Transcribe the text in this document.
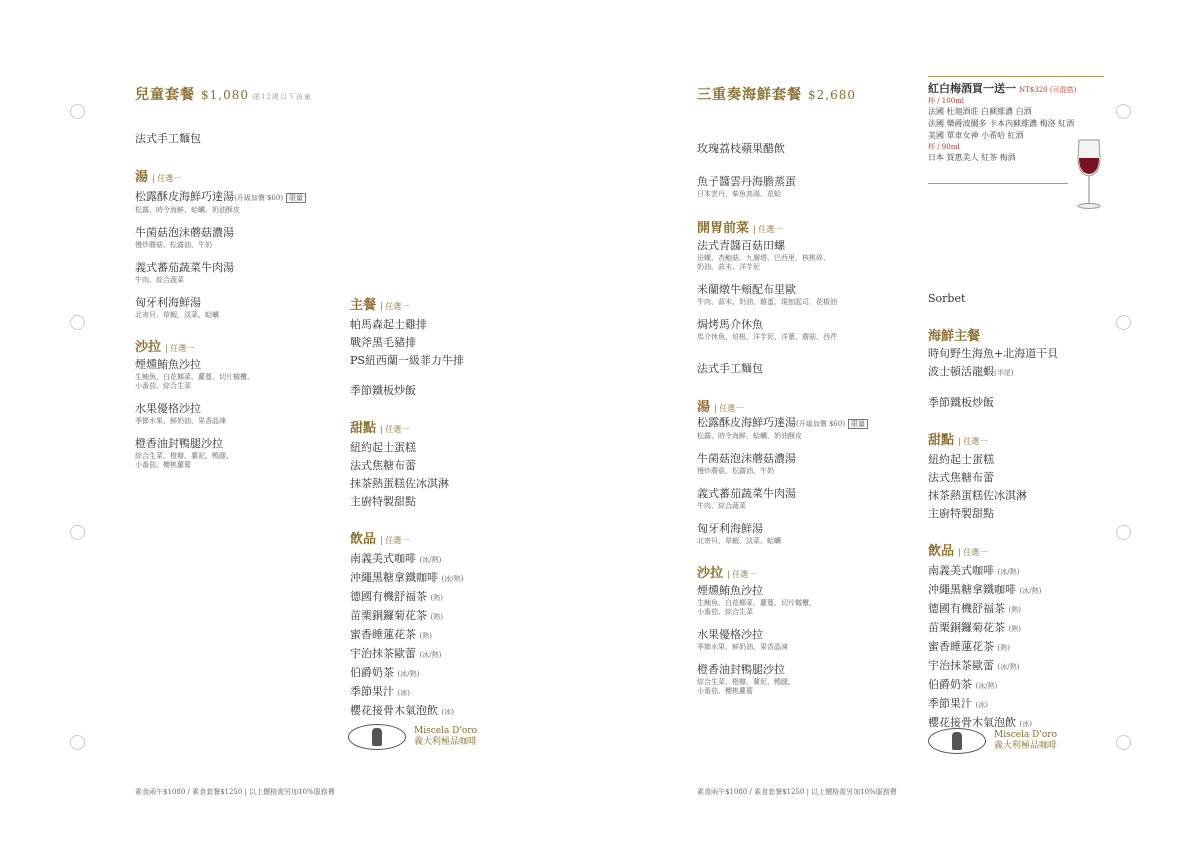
兒童套餐 $1,080 限12歲以下孩童
法式手工麵包
湯 | 任選一
松露酥皮海鮮巧達湯(升級加價 $60) 限量
松露、時令海鮮、蛤蠣、奶油酥皮
牛菌菇泡沫蘑菇濃湯
慢炒蘑菇、松露油、牛奶
義式蕃茄蔬菜牛肉湯
牛肉、綜合蔬菜
匈牙利海鮮湯
北寄貝、草蝦、淡菜、蛤蠣
沙拉 | 任選一
煙燻鮪魚沙拉
生鮪魚、白花椰菜、蘿蔓、切片橄欖、
小番茄、綜合生菜
水果優格沙拉
季節水果、鮮奶油、果香晶凍
橙香油封鴨腿沙拉
綜合生菜、橙瓣、薯泥、鴨腿、
小番茄、櫻桃蘿蔔
主餐 | 任選一
帕馬森起士雞排
戰斧黑毛豬排
PS紐西蘭一級菲力牛排
季節鐵板炒飯
甜點 | 任選一
紐約起士蛋糕
法式焦糖布蕾
抹茶熱蛋糕佐冰淇淋
主廚特製甜點
飲品 | 任選一
南義美式咖啡 (冰/熱)
沖繩黑糖拿鐵咖啡 (冰/熱)
德國有機舒福茶 (熱)
苗栗銅鑼菊花茶 (熱)
蜜香睡蓮花茶 (熱)
宇治抹茶歐蕾 (冰/熱)
伯爵奶茶 (冰/熱)
季節果汁 (冰)
櫻花接骨木氣泡飲 (冰)
Miscela D'oro
義大利極品咖啡
素食兩午$1080 / 素食套餐$1250 | 以上價格需另加10%服務費
三重奏海鮮套餐 $2,680
玫瑰荔枝蘋果醋飲
魚子醬雲丹海膽蒸蛋
日本雲丹、柴魚高湯、花蛤
開胃前菜 | 任選一
法式青醬百菇田螺
田螺、杏鮑菇、九層塔、巴西里、核桃碎、
奶油、蒜末、洋芋泥
米蘭燉牛頰配布里歐
牛肉、蒜末、奶油、雞蛋、現刨起司、花椒油
焗烤馬介休魚
馬介休魚、培根、洋芋泥、洋蔥、蘑菇、西芹
法式手工麵包
湯 | 任選一
松露酥皮海鮮巧達湯(升級加價 $60) 限量
松露、時令海鮮、蛤蠣、奶油酥皮
牛菌菇泡沫蘑菇濃湯
慢炒蘑菇、松露油、牛奶
義式蕃茄蔬菜牛肉湯
牛肉、綜合蔬菜
匈牙利海鮮湯
北寄貝、草蝦、淡菜、蛤蠣
沙拉 | 任選一
煙燻鮪魚沙拉
生鮪魚、白花椰菜、蘿蔓、切片橄欖、
小番茄、綜合生菜
水果優格沙拉
季節水果、鮮奶油、果香晶凍
橙香油封鴨腿沙拉
綜合生菜、橙瓣、薯泥、鴨腿、
小番茄、櫻桃蘿蔔
紅白梅酒買一送一 NT$320 (可混搭)
杯 / 100ml
法國 杜迦酒莊 白蘇維濃 白酒
法國 樂爵波爾多 卡本內蘇維濃 梅洛 紅酒
美國 單車女神 小希哈 紅酒
杯 / 90ml
日本 賀惠美人 紅茶 梅酒
Sorbet
海鮮主餐
時旬野生海魚+北海道干貝
波士頓活龍蝦(半尾)
季節鐵板炒飯
甜點 | 任選一
紐約起士蛋糕
法式焦糖布蕾
抹茶熱蛋糕佐冰淇淋
主廚特製甜點
飲品 | 任選一
南義美式咖啡 (冰/熱)
沖繩黑糖拿鐵咖啡 (冰/熱)
德國有機舒福茶 (熱)
苗栗銅鑼菊花茶 (熱)
蜜香睡蓮花茶 (熱)
宇治抹茶歐蕾 (冰/熱)
伯爵奶茶 (冰/熱)
季節果汁 (冰)
櫻花接骨木氣泡飲 (冰)
Miscela D'oro
義大利極品咖啡
素食兩午$1080 / 素食套餐$1250 | 以上價格需另加10%服務費
